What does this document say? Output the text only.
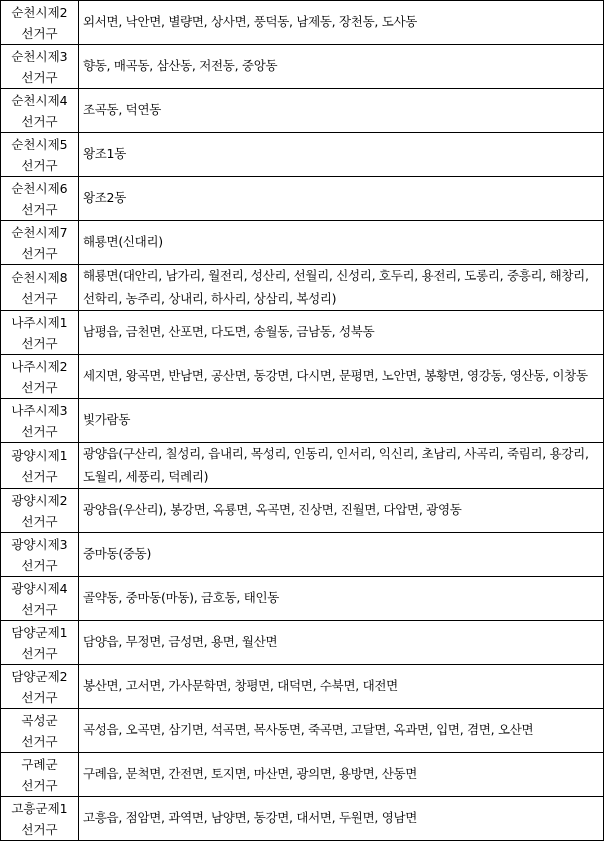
순천시제2
선거구	외서면, 낙안면, 별량면, 상사면, 풍덕동, 남제동, 장천동, 도사동

순천시제3
선거구	향동, 매곡동, 삼산동, 저전동, 중앙동

순천시제4
선거구	조곡동, 덕연동

순천시제5
선거구	왕조1동

순천시제6
선거구	왕조2동

순천시제7
선거구	해룡면(신대리)

순천시제8
선거구	해룡면(대안리, 남가리, 월전리, 성산리, 선월리, 신성리, 호두리, 용전리, 도롱리, 중흥리, 해창리, 선학리, 농주리, 상내리, 하사리, 상삼리, 복성리)

나주시제1
선거구	남평읍, 금천면, 산포면, 다도면, 송월동, 금남동, 성북동

나주시제2
선거구	세지면, 왕곡면, 반남면, 공산면, 동강면, 다시면, 문평면, 노안면, 봉황면, 영강동, 영산동, 이창동

나주시제3
선거구	빛가람동

광양시제1
선거구	광양읍(구산리, 칠성리, 읍내리, 목성리, 인동리, 인서리, 익신리, 초남리, 사곡리, 죽림리, 용강리, 도월리, 세풍리, 덕례리)

광양시제2
선거구	광양읍(우산리), 봉강면, 옥룡면, 옥곡면, 진상면, 진월면, 다압면, 광영동

광양시제3
선거구	중마동(중동)

광양시제4
선거구	골약동, 중마동(마동), 금호동, 태인동

담양군제1
선거구	담양읍, 무정면, 금성면, 용면, 월산면

담양군제2
선거구	봉산면, 고서면, 가사문학면, 창평면, 대덕면, 수북면, 대전면

곡성군
선거구	곡성읍, 오곡면, 삼기면, 석곡면, 목사동면, 죽곡면, 고달면, 옥과면, 입면, 겸면, 오산면

구례군
선거구	구례읍, 문척면, 간전면, 토지면, 마산면, 광의면, 용방면, 산동면

고흥군제1
선거구	고흥읍, 점암면, 과역면, 남양면, 동강면, 대서면, 두원면, 영남면
